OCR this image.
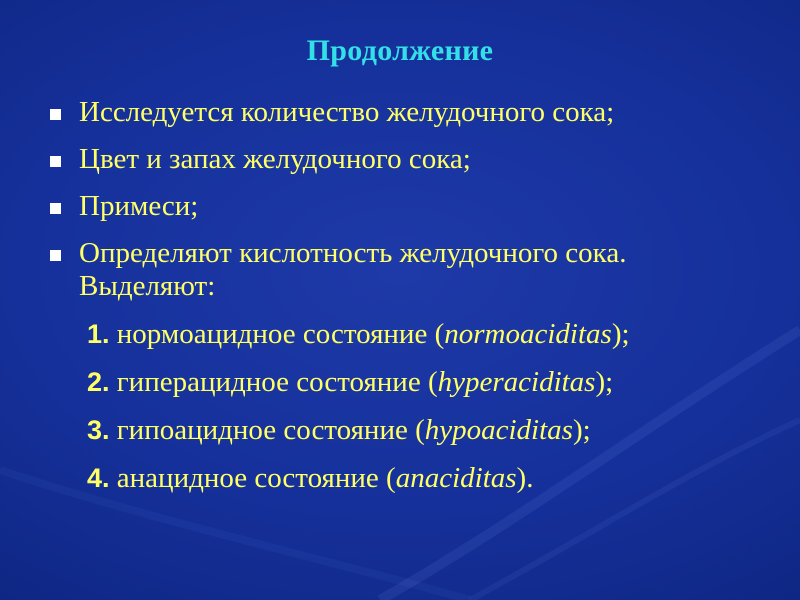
Продолжение
Исследуется количество желудочного сока;
Цвет и запах желудочного сока;
Примеси;
Определяют кислотность желудочного сока. Выделяют:
1. нормоацидное состояние (normoaciditas);
2. гиперацидное состояние (hyperaciditas);
3. гипоацидное состояние (hypoaciditas);
4. анацидное состояние (anaciditas).
